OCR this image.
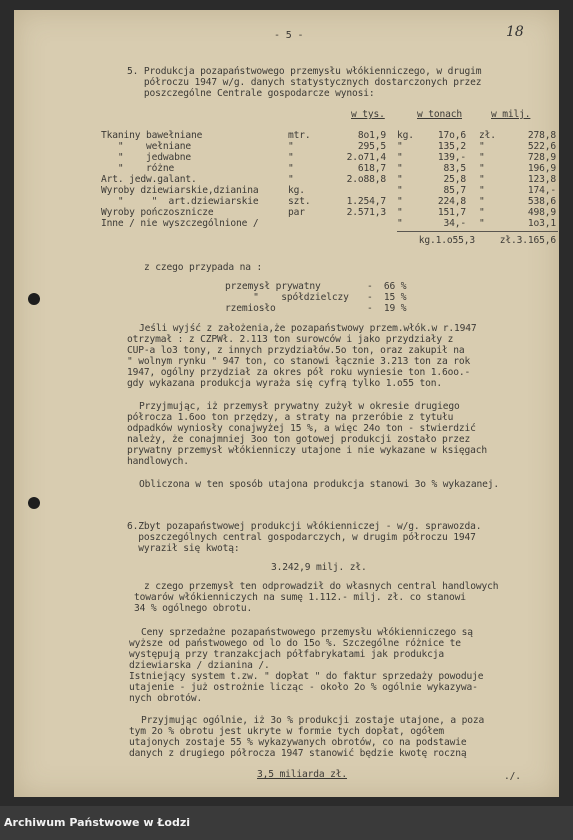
- 5 -	18
5. Produkcja pozapaństwowego przemysłu włókienniczego, w drugim
półroczu 1947 w/g. danych statystycznych dostarczonych przez
poszczególne Centrale gospodarcze wynosi:
w tys.	w tonach	w milj.
Tkaniny bawełniane	mtr.	8o1,9 kg.	17o,6 zł.	278,8
"    wełniane	"	295,5 "	135,2 "	522,6
"    jedwabne	"	2.o71,4 "	139,- "	728,9
"    różne	"	618,7 "	83,5 "	196,9
Art. jedw.galant.	"	2.o88,8 "	25,8 "	123,8
Wyroby dziewiarskie,dzianina	kg.	"	85,7 "	174,-
"     "  art.dziewiarskie	szt.	1.254,7 "	224,8 "	538,6
Wyroby pończosznicze	par	2.571,3 "	151,7 "	498,9
Inne / nie wyszczególnione /	"	34,- "	1o3,1
kg.1.o55,3	zł.3.165,6
z czego przypada na :
przemysł prywatny	-  66 %
"    spółdzielczy -  15 %
rzemiosło	-  19 %
Jeśli wyjść z założenia,że pozapaństwowy przem.włók.w r.1947
otrzymał : z CZPWł. 2.113 ton surowców i jako przydziały z
CUP-a lo3 tony, z innych przydziałów.5o ton, oraz zakupił na
" wolnym rynku " 947 ton, co stanowi łącznie 3.213 ton za rok
1947, ogólny przydział za okres pół roku wyniesie ton 1.6oo.-
gdy wykazana produkcja wyraża się cyfrą tylko 1.o55 ton.
Przyjmując, iż przemysł prywatny zużył w okresie drugiego
półrocza 1.6oo ton przędzy, a straty na przeróbie z tytułu
odpadków wyniosły conajwyżej 15 %, a więc 24o ton - stwierdzić
należy, że conajmniej 3oo ton gotowej produkcji zostało przez
prywatny przemysł włókienniczy utajone i nie wykazane w księgach
handlowych.
Obliczona w ten sposób utajona produkcja stanowi 3o % wykazanej.
6.Zbyt pozapaństwowej produkcji włókienniczej - w/g. sprawozda.
poszczególnych central gospodarczych, w drugim półroczu 1947
wyraził się kwotą:
3.242,9 milj. zł.
z czego przemysł ten odprowadził do własnych central handlowych
towarów włókienniczych na sumę 1.112.- milj. zł. co stanowi
34 % ogólnego obrotu.
Ceny sprzedażne pozapaństwowego przemysłu włókienniczego są
wyższe od państwowego od lo do 15o %. Szczególne różnice te
występują przy tranzakcjach półfabrykatami jak produkcja
dziewiarska / dzianina /.
Istniejący system t.zw. " dopłat " do faktur sprzedaży powoduje
utajenie - już ostrożnie licząc - około 2o % ogólnie wykazywa-
nych obrotów.
Przyjmując ogólnie, iż 3o % produkcji zostaje utajone, a poza
tym 2o % obrotu jest ukryte w formie tych dopłat, ogółem
utajonych zostaje 55 % wykazywanych obrotów, co na podstawie
danych z drugiego półrocza 1947 stanowić będzie kwotę roczną
3,5 miliarda zł.	./.
Archiwum Państwowe w Łodzi
